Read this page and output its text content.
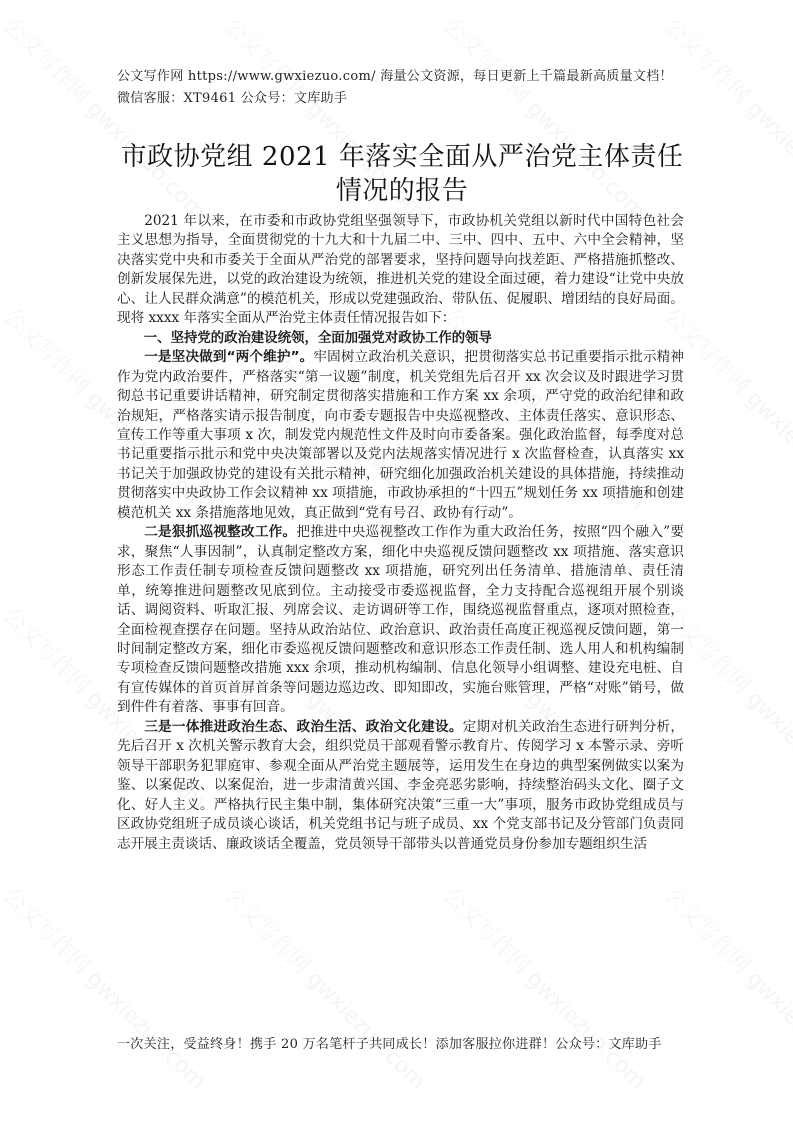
公文写作网 https://www.gwxiezuo.com/ 海量公文资源，每日更新上千篇最新高质量文档！微信客服：XT9461 公众号：文库助手
市政协党组 2021 年落实全面从严治党主体责任情况的报告

2021 年以来，在市委和市政协党组坚强领导下，市政协机关党组以新时代中国特色社会主义思想为指导，全面贯彻党的十九大和十九届二中、三中、四中、五中、六中全会精神，坚决落实党中央和市委关于全面从严治党的部署要求，坚持问题导向找差距、严格措施抓整改、创新发展保先进，以党的政治建设为统领，推进机关党的建设全面过硬，着力建设“让党中央放心、让人民群众满意”的模范机关，形成以党建强政治、带队伍、促履职、增团结的良好局面。现将 xxxx 年落实全面从严治党主体责任情况报告如下：

一、坚持党的政治建设统领，全面加强党对政协工作的领导

一是坚决做到“两个维护”。牢固树立政治机关意识，把贯彻落实总书记重要指示批示精神作为党内政治要件，严格落实“第一议题”制度，机关党组先后召开 xx 次会议及时跟进学习贯彻总书记重要讲话精神，研究制定贯彻落实措施和工作方案 xx 余项，严守党的政治纪律和政治规矩，严格落实请示报告制度，向市委专题报告中央巡视整改、主体责任落实、意识形态、宣传工作等重大事项 x 次，制发党内规范性文件及时向市委备案。强化政治监督，每季度对总书记重要指示批示和党中央决策部署以及党内法规落实情况进行 x 次监督检查，认真落实 xx 书记关于加强政协党的建设有关批示精神，研究细化加强政治机关建设的具体措施，持续推动贯彻落实中央政协工作会议精神 xx 项措施，市政协承担的“十四五”规划任务 xx 项措施和创建模范机关 xx 条措施落地见效，真正做到“党有号召、政协有行动”。

二是狠抓巡视整改工作。把推进中央巡视整改工作作为重大政治任务，按照“四个融入”要求，聚焦“人事因制”，认真制定整改方案，细化中央巡视反馈问题整改 xx 项措施、落实意识形态工作责任制专项检查反馈问题整改 xx 项措施，研究列出任务清单、措施清单、责任清单，统筹推进问题整改见底到位。主动接受市委巡视监督，全力支持配合巡视组开展个别谈话、调阅资料、听取汇报、列席会议、走访调研等工作，围绕巡视监督重点，逐项对照检查，全面检视查摆存在问题。坚持从政治站位、政治意识、政治责任高度正视巡视反馈问题，第一时间制定整改方案，细化市委巡视反馈问题整改和意识形态工作责任制、选人用人和机构编制专项检查反馈问题整改措施 xxx 余项，推动机构编制、信息化领导小组调整、建设充电桩、自有宣传媒体的首页首屏首条等问题边巡边改、即知即改，实施台账管理，严格“对账”销号，做到件件有着落、事事有回音。

三是一体推进政治生态、政治生活、政治文化建设。定期对机关政治生态进行研判分析，先后召开 x 次机关警示教育大会，组织党员干部观看警示教育片、传阅学习 x 本警示录、旁听领导干部职务犯罪庭审、参观全面从严治党主题展等，运用发生在身边的典型案例做实以案为鉴、以案促改、以案促治，进一步肃清黄兴国、李金亮恶劣影响，持续整治码头文化、圈子文化、好人主义。严格执行民主集中制，集体研究决策“三重一大”事项，服务市政协党组成员与区政协党组班子成员谈心谈话，机关党组书记与班子成员、xx 个党支部书记及分管部门负责同志开展主责谈话、廉政谈话全覆盖，党员领导干部带头以普通党员身份参加专题组织生活

一次关注，受益终身！携手 20 万名笔杆子共同成长！添加客服拉你进群！公众号：文库助手
